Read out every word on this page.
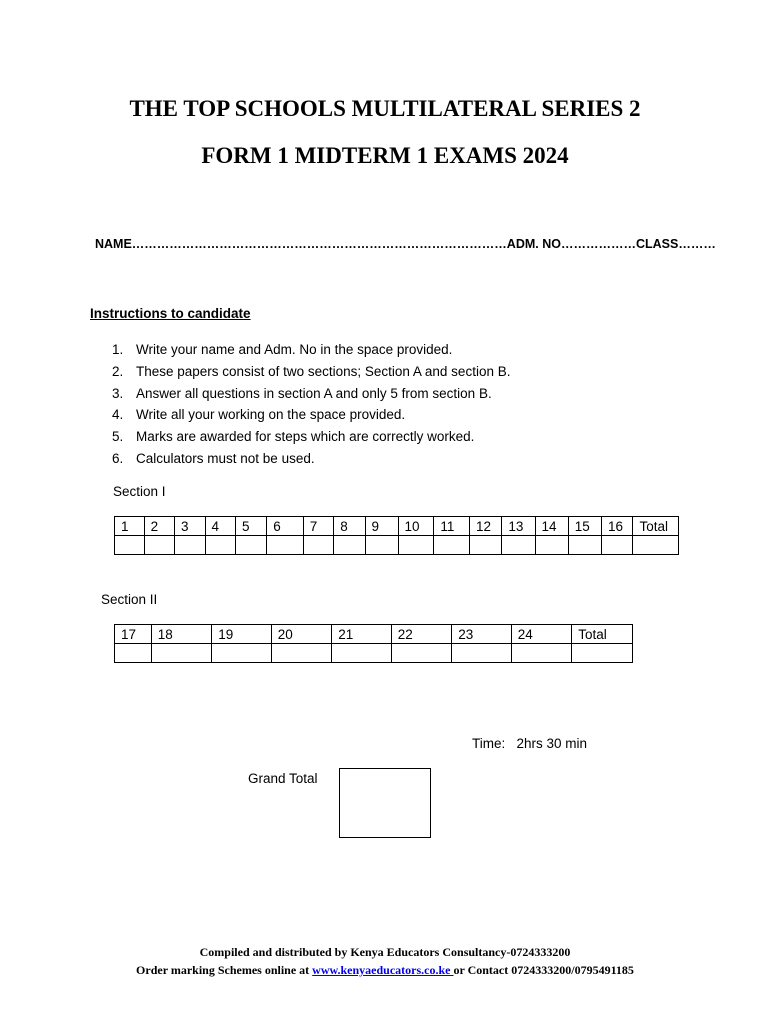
THE TOP SCHOOLS MULTILATERAL SERIES 2
FORM 1 MIDTERM 1 EXAMS 2024
NAME………………………………………………………………………………ADM. NO………………CLASS………
Instructions to candidate
1. Write your name and Adm. No in the space provided.
2. These papers consist of two sections; Section A and section B.
3. Answer all questions in section A and only 5 from section B.
4. Write all your working on the space provided.
5. Marks are awarded for steps which are correctly worked.
6. Calculators must not be used.
Section I
1	2	3	4	5	6	7	8	9	10	11	12	13	14	15	16	Total

Section II
17	18	19	20	21	22	23	24	Total

Time:   2hrs 30 min
Grand Total
Compiled and distributed by Kenya Educators Consultancy-0724333200
Order marking Schemes online at www.kenyaeducators.co.ke or Contact 0724333200/0795491185
